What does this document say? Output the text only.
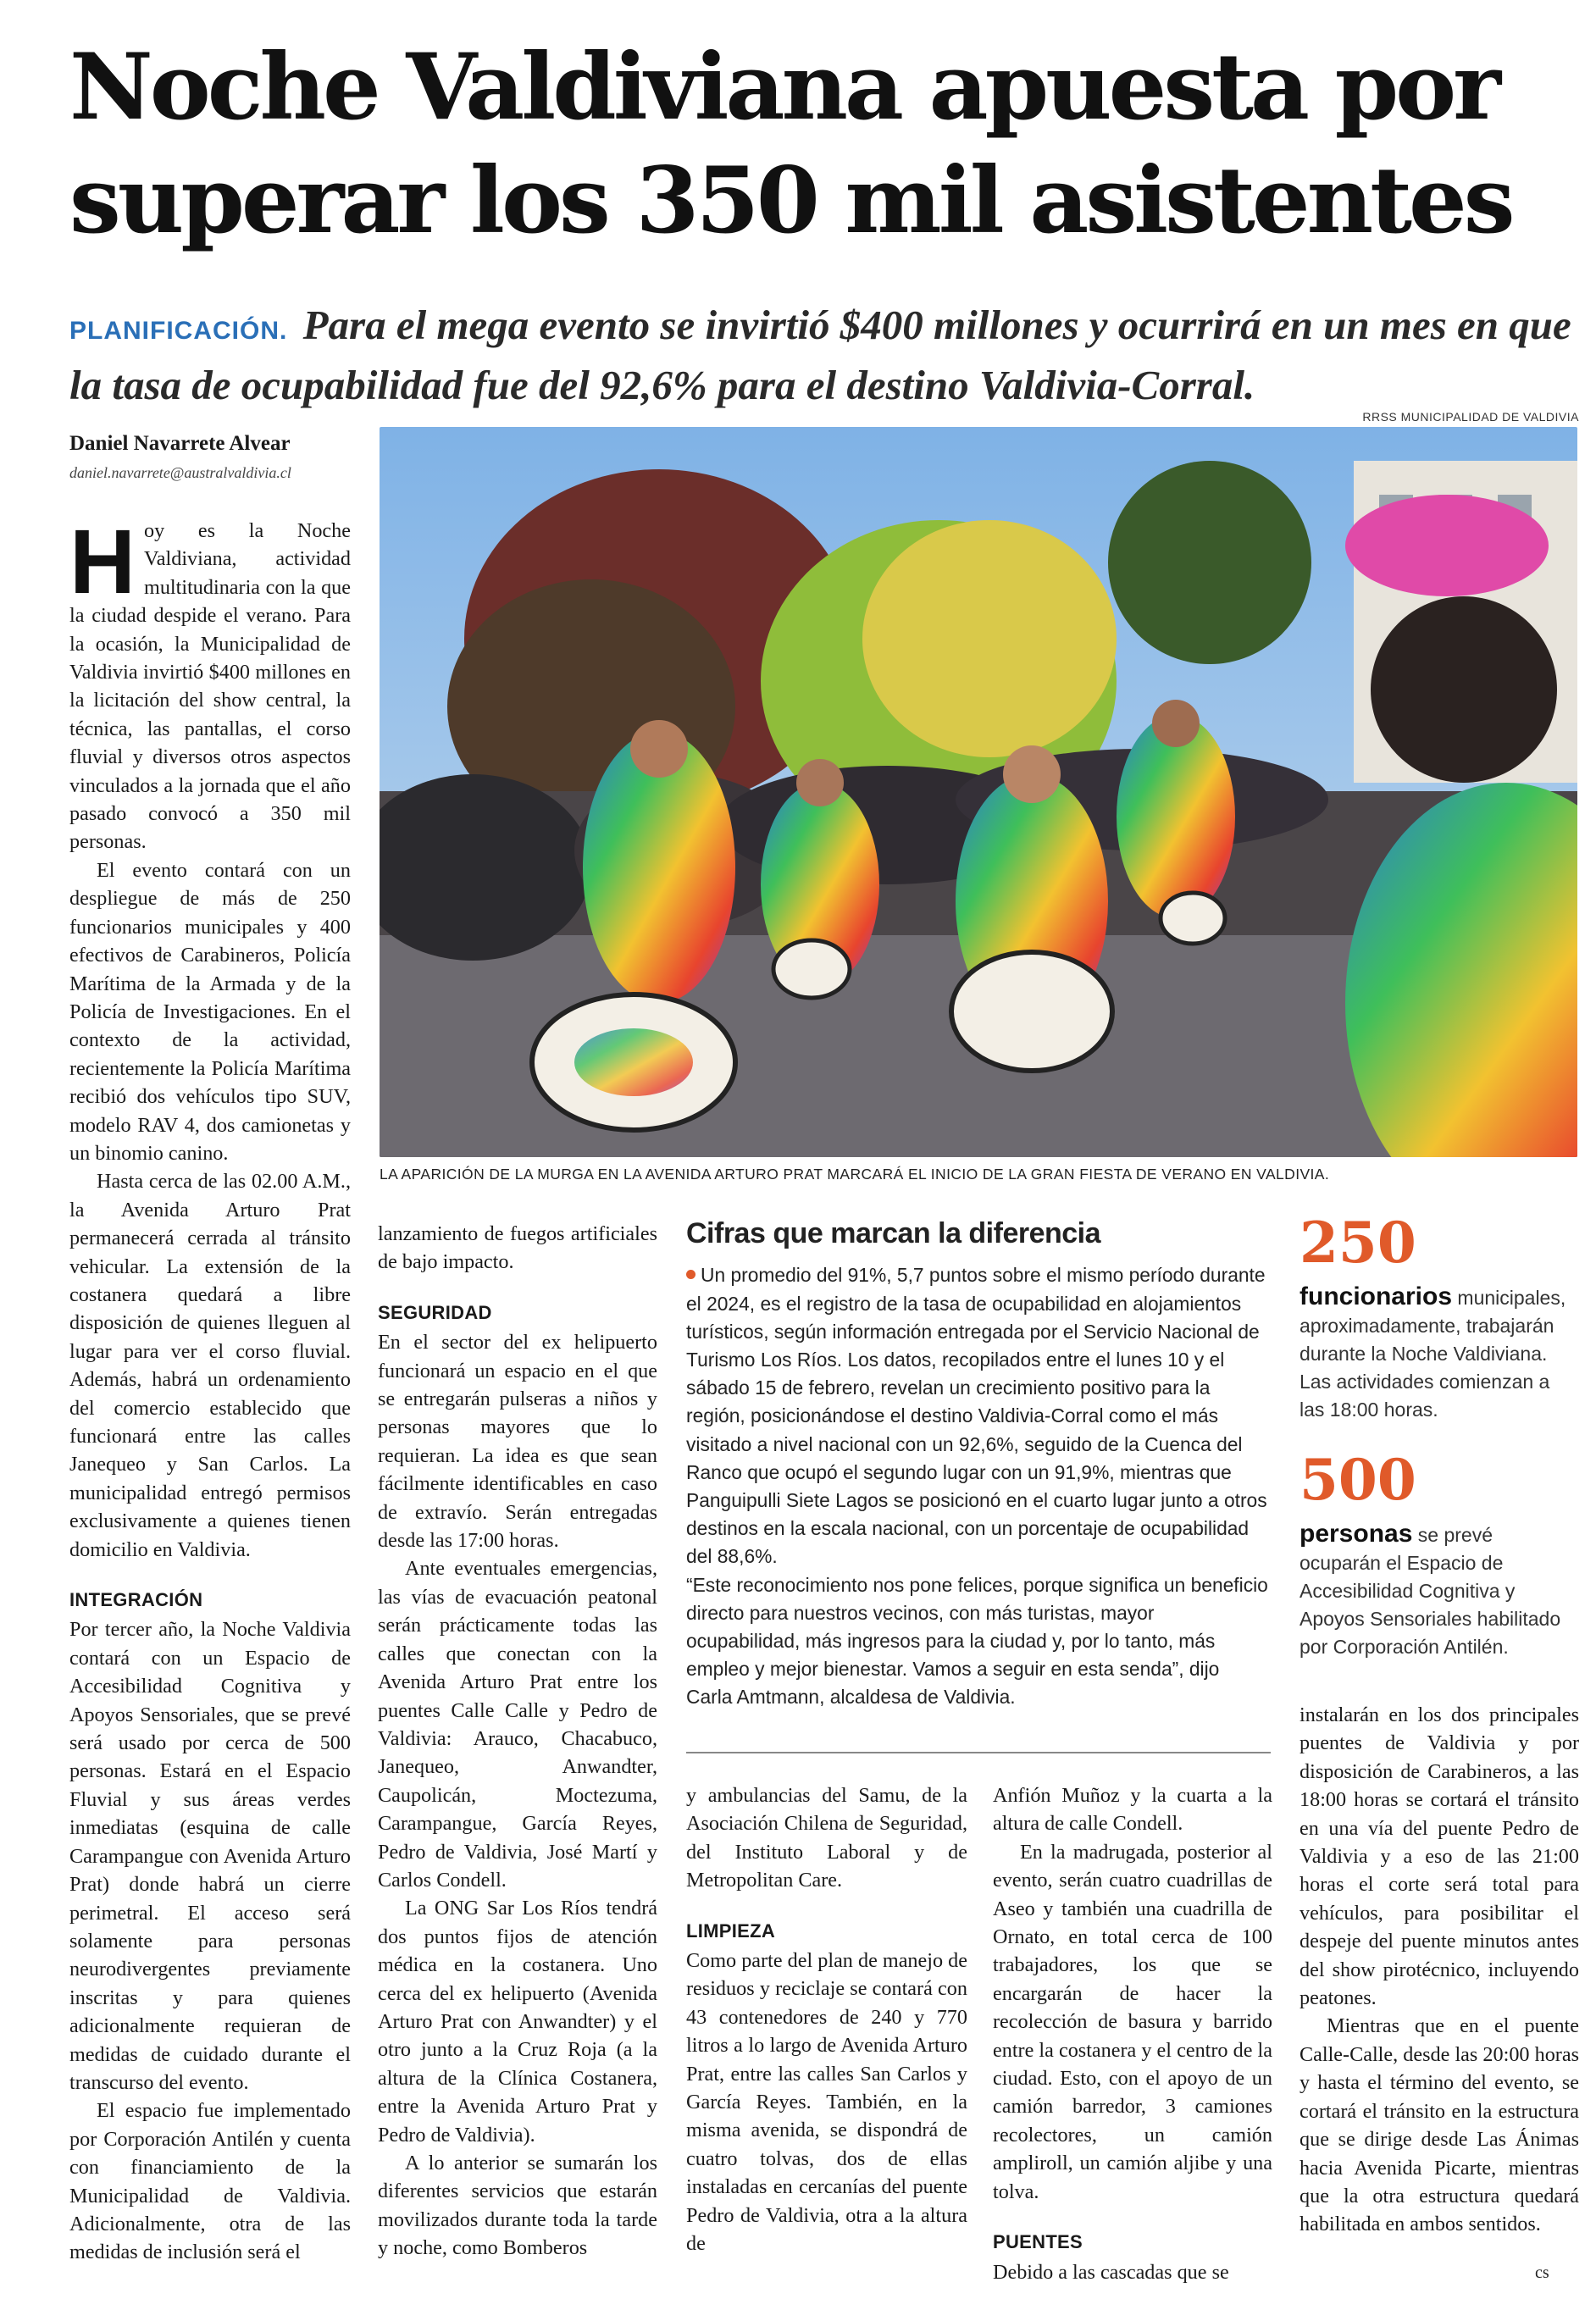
Noche Valdiviana apuesta por superar los 350 mil asistentes
PLANIFICACIÓN. Para el mega evento se invirtió $400 millones y ocurrirá en un mes en que la tasa de ocupabilidad fue del 92,6% para el destino Valdivia-Corral.
Daniel Navarrete Alvear
daniel.navarrete@australvaldivia.cl
RRSS MUNICIPALIDAD DE VALDIVIA
LA APARICIÓN DE LA MURGA EN LA AVENIDA ARTURO PRAT MARCARÁ EL INICIO DE LA GRAN FIESTA DE VERANO EN VALDIVIA.

Hoy es la Noche Valdiviana, actividad multitudinaria con la que la ciudad despide el verano. Para la ocasión, la Municipalidad de Valdivia invirtió $400 millones en la licitación del show central, la técnica, las pantallas, el corso fluvial y diversos otros aspectos vinculados a la jornada que el año pasado convocó a 350 mil personas.

El evento contará con un despliegue de más de 250 funcionarios municipales y 400 efectivos de Carabineros, Policía Marítima de la Armada y de la Policía de Investigaciones. En el contexto de la actividad, recientemente la Policía Marítima recibió dos vehículos tipo SUV, modelo RAV 4, dos camionetas y un binomio canino.

Hasta cerca de las 02.00 A.M., la Avenida Arturo Prat permanecerá cerrada al tránsito vehicular. La extensión de la costanera quedará a libre disposición de quienes lleguen al lugar para ver el corso fluvial. Además, habrá un ordenamiento del comercio establecido que funcionará entre las calles Janequeo y San Carlos. La municipalidad entregó permisos exclusivamente a quienes tienen domicilio en Valdivia.

INTEGRACIÓN

Por tercer año, la Noche Valdivia contará con un Espacio de Accesibilidad Cognitiva y Apoyos Sensoriales, que se prevé será usado por cerca de 500 personas. Estará en el Espacio Fluvial y sus áreas verdes inmediatas (esquina de calle Carampangue con Avenida Arturo Prat) donde habrá un cierre perimetral. El acceso será solamente para personas neurodivergentes previamente inscritas y para quienes adicionalmente requieran de medidas de cuidado durante el transcurso del evento.

El espacio fue implementado por Corporación Antilén y cuenta con financiamiento de la Municipalidad de Valdivia. Adicionalmente, otra de las medidas de inclusión será el

lanzamiento de fuegos artificiales de bajo impacto.

SEGURIDAD

En el sector del ex helipuerto funcionará un espacio en el que se entregarán pulseras a niños y personas mayores que lo requieran. La idea es que sean fácilmente identificables en caso de extravío. Serán entregadas desde las 17:00 horas.

Ante eventuales emergencias, las vías de evacuación peatonal serán prácticamente todas las calles que conectan con la Avenida Arturo Prat entre los puentes Calle Calle y Pedro de Valdivia: Arauco, Chacabuco, Janequeo, Anwandter, Caupolicán, Moctezuma, Carampangue, García Reyes, Pedro de Valdivia, José Martí y Carlos Condell.

La ONG Sar Los Ríos tendrá dos puntos fijos de atención médica en la costanera. Uno cerca del ex helipuerto (Avenida Arturo Prat con Anwandter) y el otro junto a la Cruz Roja (a la altura de la Clínica Costanera, entre la Avenida Arturo Prat y Pedro de Valdivia).

A lo anterior se sumarán los diferentes servicios que estarán movilizados durante toda la tarde y noche, como Bomberos

Cifras que marcan la diferencia
Un promedio del 91%, 5,7 puntos sobre el mismo período durante el 2024, es el registro de la tasa de ocupabilidad en alojamientos turísticos, según información entregada por el Servicio Nacional de Turismo Los Ríos. Los datos, recopilados entre el lunes 10 y el sábado 15 de febrero, revelan un crecimiento positivo para la región, posicionándose el destino Valdivia-Corral como el más visitado a nivel nacional con un 92,6%, seguido de la Cuenca del Ranco que ocupó el segundo lugar con un 91,9%, mientras que Panguipulli Siete Lagos se posicionó en el cuarto lugar junto a otros destinos en la escala nacional, con un porcentaje de ocupabilidad del 88,6%.
“Este reconocimiento nos pone felices, porque significa un beneficio directo para nuestros vecinos, con más turistas, mayor ocupabilidad, más ingresos para la ciudad y, por lo tanto, más empleo y mejor bienestar. Vamos a seguir en esta senda”, dijo Carla Amtmann, alcaldesa de Valdivia.

y ambulancias del Samu, de la Asociación Chilena de Seguridad, del Instituto Laboral y de Metropolitan Care.

LIMPIEZA

Como parte del plan de manejo de residuos y reciclaje se contará con 43 contenedores de 240 y 770 litros a lo largo de Avenida Arturo Prat, entre las calles San Carlos y García Reyes. También, en la misma avenida, se dispondrá de cuatro tolvas, dos de ellas instaladas en cercanías del puente Pedro de Valdivia, otra a la altura de

Anfión Muñoz y la cuarta a la altura de calle Condell.

En la madrugada, posterior al evento, serán cuatro cuadrillas de Aseo y también una cuadrilla de Ornato, en total cerca de 100 trabajadores, los que se encargarán de hacer la recolección de basura y barrido entre la costanera y el centro de la ciudad. Esto, con el apoyo de un camión barredor, 3 camiones recolectores, un camión ampliroll, un camión aljibe y una tolva.

PUENTES

Debido a las cascadas que se

250
funcionarios municipales, aproximadamente, trabajarán durante la Noche Valdiviana. Las actividades comienzan a las 18:00 horas.
500
personas se prevé ocuparán el Espacio de Accesibilidad Cognitiva y Apoyos Sensoriales habilitado por Corporación Antilén.

instalarán en los dos principales puentes de Valdivia y por disposición de Carabineros, a las 18:00 horas se cortará el tránsito en una vía del puente Pedro de Valdivia y a eso de las 21:00 horas el corte será total para vehículos, para posibilitar el despeje del puente minutos antes del show pirotécnico, incluyendo peatones.

Mientras que en el puente Calle-Calle, desde las 20:00 horas y hasta el término del evento, se cortará el tránsito en la estructura que se dirige desde Las Ánimas hacia Avenida Picarte, mientras que la otra estructura quedará habilitada en ambos sentidos.

cs
